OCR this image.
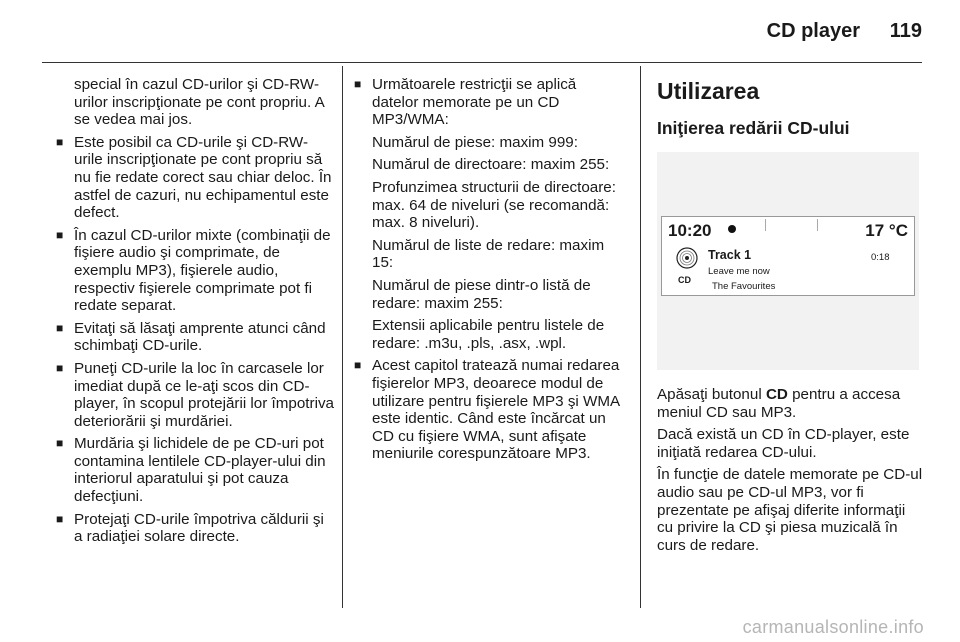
CD player 119

special în cazul CD-urilor şi CD-RW-urilor inscripţionate pe cont propriu. A se vedea mai jos.

■ Este posibil ca CD-urile şi CD-RW-urile inscripţionate pe cont propriu să nu fie redate corect sau chiar deloc. În astfel de cazuri, nu echipamentul este defect.

■ În cazul CD-urilor mixte (combinaţii de fişiere audio şi comprimate, de exemplu MP3), fişierele audio, respectiv fişierele comprimate pot fi redate separat.

■ Evitaţi să lăsaţi amprente atunci când schimbaţi CD-urile.

■ Puneţi CD-urile la loc în carcasele lor imediat după ce le-aţi scos din CD-player, în scopul protejării lor împotriva deteriorării şi murdăriei.

■ Murdăria şi lichidele de pe CD-uri pot contamina lentilele CD-player-ului din interiorul aparatului şi pot cauza defecţiuni.

■ Protejaţi CD-urile împotriva căldurii şi a radiaţiei solare directe.

■ Următoarele restricţii se aplică datelor memorate pe un CD MP3/WMA:

Numărul de piese: maxim 999:

Numărul de directoare: maxim 255:

Profunzimea structurii de directoare: max. 64 de niveluri (se recomandă: max. 8 niveluri).

Numărul de liste de redare: maxim 15:

Numărul de piese dintr-o listă de redare: maxim 255:

Extensii aplicabile pentru listele de redare: .m3u, .pls, .asx, .wpl.

■ Acest capitol tratează numai redarea fişierelor MP3, deoarece modul de utilizare pentru fişierele MP3 şi WMA este identic. Când este încărcat un CD cu fişiere WMA, sunt afişate meniurile corespunzătoare MP3.

Utilizarea
Iniţierea redării CD-ului
10:20	17 °C
CD
Track 1
Leave me now
The Favourites
0:18

Apăsaţi butonul CD pentru a accesa meniul CD sau MP3.

Dacă există un CD în CD-player, este iniţiată redarea CD-ului.

În funcţie de datele memorate pe CD-ul audio sau pe CD-ul MP3, vor fi prezentate pe afişaj diferite informaţii cu privire la CD şi piesa muzicală în curs de redare.

carmanualsonline.info
